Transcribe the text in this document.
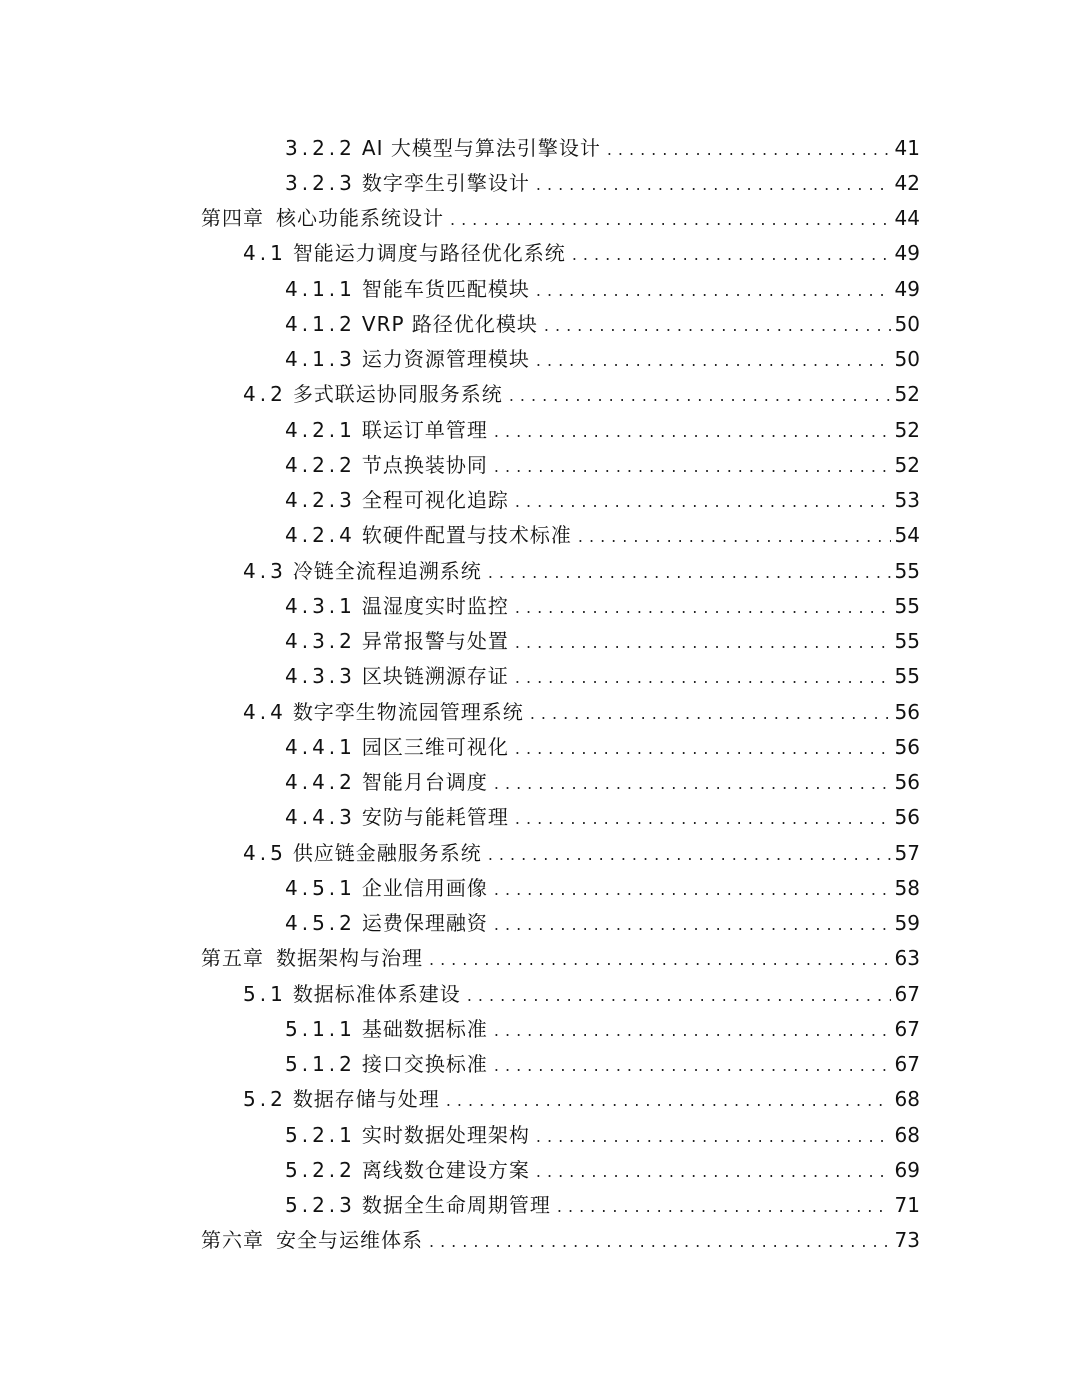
3.2.2 AI 大模型与算法引擎设计 .....	41
3.2.3 数字孪生引擎设计 .....	42
第四章 核心功能系统设计 .....	44
4.1 智能运力调度与路径优化系统 .....	49
4.1.1 智能车货匹配模块 .....	49
4.1.2 VRP 路径优化模块 .....	50
4.1.3 运力资源管理模块 .....	50
4.2 多式联运协同服务系统 .....	52
4.2.1 联运订单管理 .....	52
4.2.2 节点换装协同 .....	52
4.2.3 全程可视化追踪 .....	53
4.2.4 软硬件配置与技术标准 .....	54
4.3 冷链全流程追溯系统 .....	55
4.3.1 温湿度实时监控 .....	55
4.3.2 异常报警与处置 .....	55
4.3.3 区块链溯源存证 .....	55
4.4 数字孪生物流园管理系统 .....	56
4.4.1 园区三维可视化 .....	56
4.4.2 智能月台调度 .....	56
4.4.3 安防与能耗管理 .....	56
4.5 供应链金融服务系统 .....	57
4.5.1 企业信用画像 .....	58
4.5.2 运费保理融资 .....	59
第五章 数据架构与治理 .....	63
5.1 数据标准体系建设 .....	67
5.1.1 基础数据标准 .....	67
5.1.2 接口交换标准 .....	67
5.2 数据存储与处理 .....	68
5.2.1 实时数据处理架构 .....	68
5.2.2 离线数仓建设方案 .....	69
5.2.3 数据全生命周期管理 .....	71
第六章 安全与运维体系 .....	73
